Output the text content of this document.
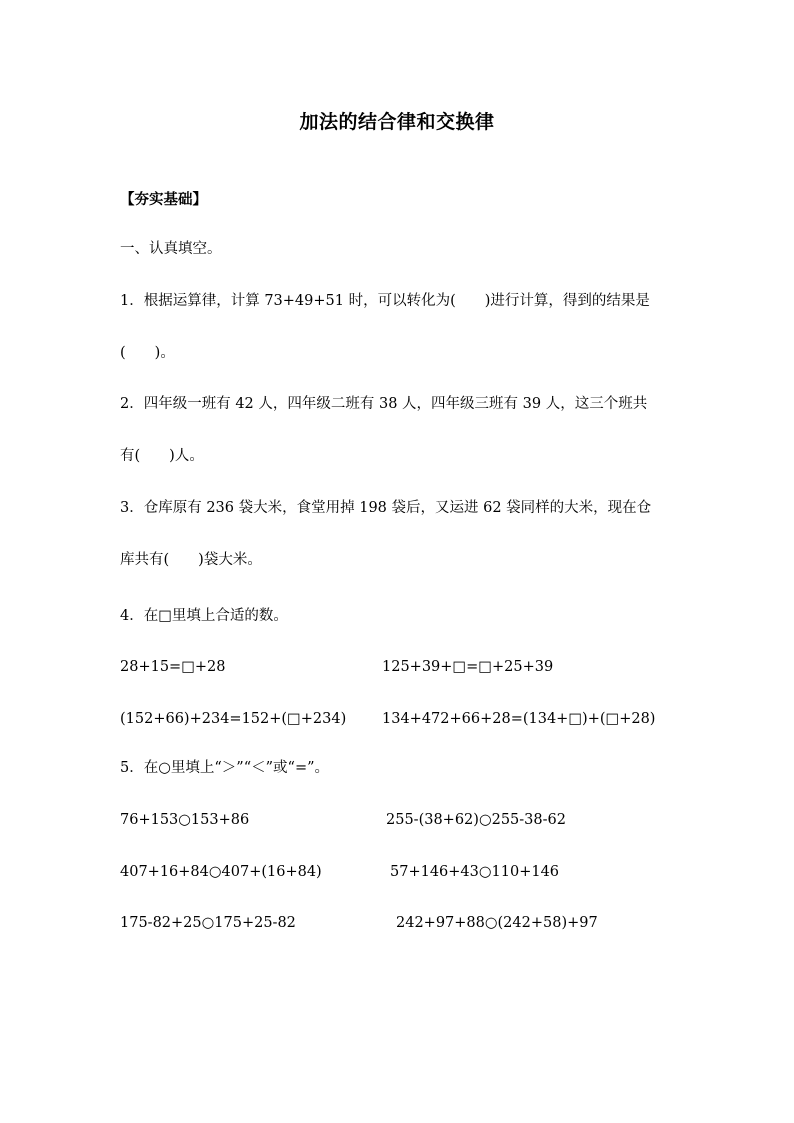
加法的结合律和交换律
【夯实基础】
一、认真填空。
1．根据运算律，计算 73+49+51 时，可以转化为(　　)进行计算，得到的结果是
(　　)。
2．四年级一班有 42 人，四年级二班有 38 人，四年级三班有 39 人，这三个班共
有(　　)人。
3．仓库原有 236 袋大米，食堂用掉 198 袋后，又运进 62 袋同样的大米，现在仓
库共有(　　)袋大米。
4．在□里填上合适的数。
28+15=□+28	125+39+□=□+25+39
(152+66)+234=152+(□+234) 134+472+66+28=(134+□)+(□+28)
5．在○里填上“＞”“＜”或“=”。
76+153○153+86	255-(38+62)○255-38-62
407+16+84○407+(16+84)	57+146+43○110+146
175-82+25○175+25-82	242+97+88○(242+58)+97
